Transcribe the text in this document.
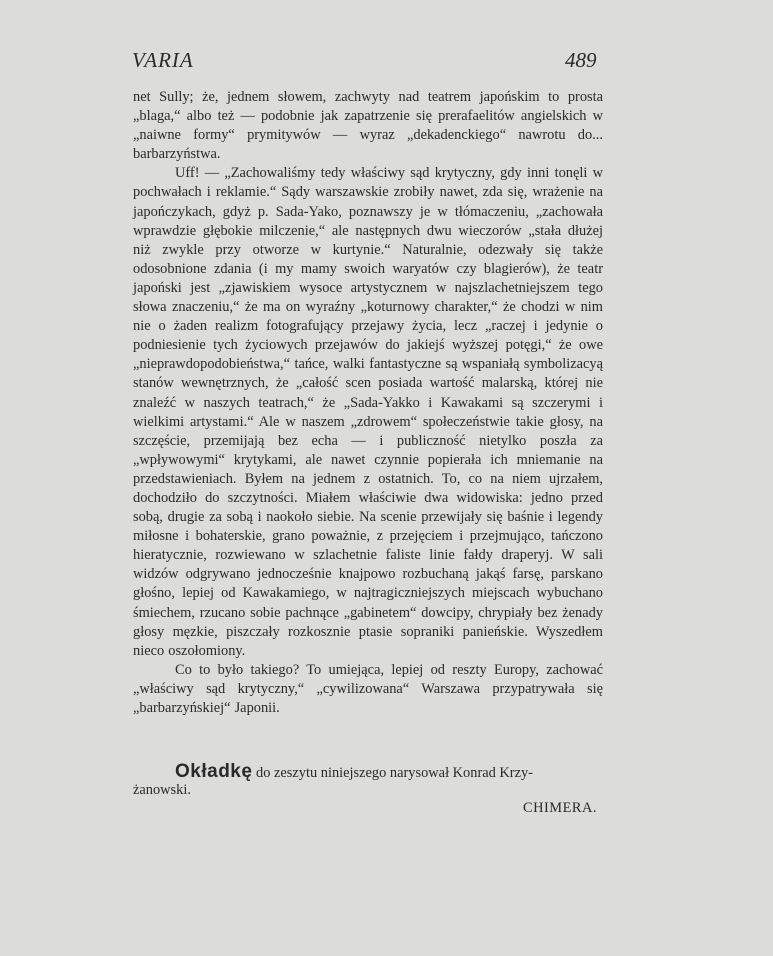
VARIA	489

net Sully; że, jednem słowem, zachwyty nad teatrem japońskim to prosta „blaga,“ albo też — podobnie jak zapatrzenie się prerafaelitów angielskich w „naiwne formy“ prymitywów — wyraz „dekadenckiego“ nawrotu do... barbarzyństwa.

Uff! — „Zachowaliśmy tedy właściwy sąd krytyczny, gdy inni tonęli w pochwałach i reklamie.“ Sądy warszawskie zrobiły nawet, zda się, wrażenie na japończykach, gdyż p. Sada-Yako, poznawszy je w tłómaczeniu, „zachowała wprawdzie głębokie milczenie,“ ale następnych dwu wieczorów „stała dłużej niż zwykle przy otworze w kurtynie.“ Naturalnie, odezwały się także odosobnione zdania (i my mamy swoich waryatów czy blagierów), że teatr japoński jest „zjawiskiem wysoce artystycznem w najszlachetniejszem tego słowa znaczeniu,“ że ma on wyraźny „koturnowy charakter,“ że chodzi w nim nie o żaden realizm fotografujący przejawy życia, lecz „raczej i jedynie o podniesienie tych życiowych przejawów do jakiejś wyższej potęgi,“ że owe „nieprawdopodobieństwa,“ tańce, walki fantastyczne są wspaniałą symbolizacyą stanów wewnętrznych, że „całość scen posiada wartość malarską, której nie znaleźć w naszych teatrach,“ że „Sada-Yakko i Kawakami są szczerymi i wielkimi artystami.“ Ale w naszem „zdrowem“ społeczeństwie takie głosy, na szczęście, przemijają bez echa — i publiczność nietylko poszła za „wpływowymi“ krytykami, ale nawet czynnie popierała ich mniemanie na przedstawieniach. Byłem na jednem z ostatnich. To, co na niem ujrzałem, dochodziło do szczytności. Miałem właściwie dwa widowiska: jedno przed sobą, drugie za sobą i naokoło siebie. Na scenie przewijały się baśnie i legendy miłosne i bohaterskie, grano poważnie, z przejęciem i przejmująco, tańczono hieratycznie, rozwiewano w szlachetnie faliste linie fałdy draperyj. W sali widzów odgrywano jednocześnie knajpowo rozbuchaną jakąś farsę, parskano głośno, lepiej od Kawakamiego, w najtragiczniejszych miejscach wybuchano śmiechem, rzucano sobie pachnące „gabinetem“ dowcipy, chrypiały bez żenady głosy męzkie, piszczały rozkosznie ptasie sopraniki panieńskie. Wyszedłem nieco oszołomiony.

Co to było takiego? To umiejąca, lepiej od reszty Europy, zachować „właściwy sąd krytyczny,“ „cywilizowana“ Warszawa przypatrywała się „barbarzyńskiej“ Japonii.

Okładkę do zeszytu niniejszego narysował Konrad Krzy-
żanowski.
CHIMERA.
